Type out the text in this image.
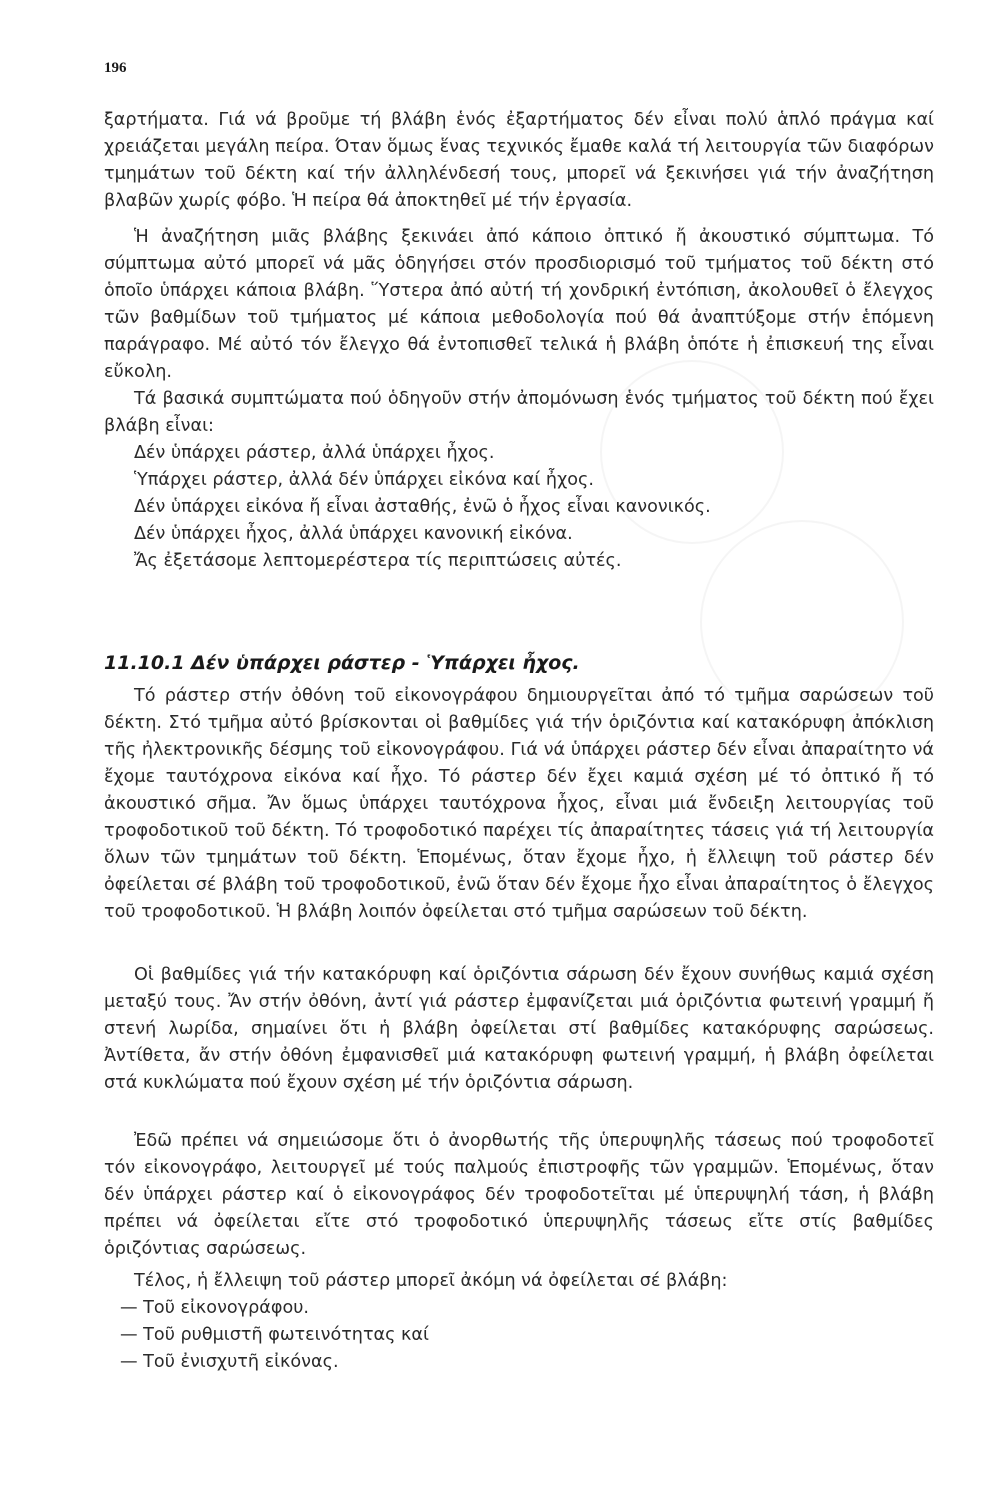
196

ξαρτήματα. Γιά νά βροῦμε τή βλάβη ἑνός ἐξαρτήματος δέν εἶναι πολύ ἁπλό πράγμα καί χρειάζεται μεγάλη πείρα. Όταν ὅμως ἕνας τεχνικός ἔμαθε καλά τή λειτουργία τῶν διαφόρων τμημάτων τοῦ δέκτη καί τήν ἀλληλένδεσή τους, μπορεῖ νά ξεκινήσει γιά τήν ἀναζήτηση βλαβῶν χωρίς φόβο. Ἡ πείρα θά ἀποκτηθεῖ μέ τήν ἐργασία.

Ἡ ἀναζήτηση μιᾶς βλάβης ξεκινάει ἀπό κάποιο ὀπτικό ἤ ἀκουστικό σύμπτωμα. Τό σύμπτωμα αὐτό μπορεῖ νά μᾶς ὁδηγήσει στόν προσδιορισμό τοῦ τμήματος τοῦ δέκτη στό ὁποῖο ὑπάρχει κάποια βλάβη. Ὕστερα ἀπό αὐτή τή χονδρική ἐντόπιση, ἀκολουθεῖ ὁ ἔλεγχος τῶν βαθμίδων τοῦ τμήματος μέ κάποια μεθοδολογία πού θά ἀναπτύξομε στήν ἑπόμενη παράγραφο. Μέ αὐτό τόν ἔλεγχο θά ἐντοπισθεῖ τελικά ἡ βλάβη ὁπότε ἡ ἐπισκευή της εἶναι εὔκολη.

Τά βασικά συμπτώματα πού ὁδηγοῦν στήν ἀπομόνωση ἑνός τμήματος τοῦ δέκτη πού ἔχει βλάβη εἶναι:

Δέν ὑπάρχει ράστερ, ἀλλά ὑπάρχει ἦχος.

Ὑπάρχει ράστερ, ἀλλά δέν ὑπάρχει εἰκόνα καί ἦχος.

Δέν ὑπάρχει εἰκόνα ἤ εἶναι ἀσταθής, ἐνῶ ὁ ἦχος εἶναι κανονικός.

Δέν ὑπάρχει ἦχος, ἀλλά ὑπάρχει κανονική εἰκόνα.

Ἄς ἐξετάσομε λεπτομερέστερα τίς περιπτώσεις αὐτές.

11.10.1 Δέν ὑπάρχει ράστερ - Ὑπάρχει ἦχος.

Τό ράστερ στήν ὀθόνη τοῦ εἰκονογράφου δημιουργεῖται ἀπό τό τμῆμα σαρώσεων τοῦ δέκτη. Στό τμῆμα αὐτό βρίσκονται οἱ βαθμίδες γιά τήν ὁριζόντια καί κατακόρυφη ἀπόκλιση τῆς ἠλεκτρονικῆς δέσμης τοῦ εἰκονογράφου. Γιά νά ὑπάρχει ράστερ δέν εἶναι ἀπαραίτητο νά ἔχομε ταυτόχρονα εἰκόνα καί ἦχο. Τό ράστερ δέν ἔχει καμιά σχέση μέ τό ὀπτικό ἤ τό ἀκουστικό σῆμα. Ἄν ὅμως ὑπάρχει ταυτόχρονα ἦχος, εἶναι μιά ἔνδειξη λειτουργίας τοῦ τροφοδοτικοῦ τοῦ δέκτη. Τό τροφοδοτικό παρέχει τίς ἀπαραίτητες τάσεις γιά τή λειτουργία ὅλων τῶν τμημάτων τοῦ δέκτη. Ἑπομένως, ὅταν ἔχομε ἦχο, ἡ ἔλλειψη τοῦ ράστερ δέν ὀφείλεται σέ βλάβη τοῦ τροφοδοτικοῦ, ἐνῶ ὅταν δέν ἔχομε ἦχο εἶναι ἀπαραίτητος ὁ ἔλεγχος τοῦ τροφοδοτικοῦ. Ἡ βλάβη λοιπόν ὀφείλεται στό τμῆμα σαρώσεων τοῦ δέκτη.

Οἱ βαθμίδες γιά τήν κατακόρυφη καί ὁριζόντια σάρωση δέν ἔχουν συνήθως καμιά σχέση μεταξύ τους. Ἄν στήν ὀθόνη, ἀντί γιά ράστερ ἐμφανίζεται μιά ὁριζόντια φωτεινή γραμμή ἤ στενή λωρίδα, σημαίνει ὅτι ἡ βλάβη ὀφείλεται στί βαθμίδες κατακόρυφης σαρώσεως. Ἀντίθετα, ἄν στήν ὀθόνη ἐμφανισθεῖ μιά κατακόρυφη φωτεινή γραμμή, ἡ βλάβη ὀφείλεται στά κυκλώματα πού ἔχουν σχέση μέ τήν ὁριζόντια σάρωση.

Ἐδῶ πρέπει νά σημειώσομε ὅτι ὁ ἀνορθωτής τῆς ὑπερυψηλῆς τάσεως πού τροφοδοτεῖ τόν εἰκονογράφο, λειτουργεῖ μέ τούς παλμούς ἐπιστροφῆς τῶν γραμμῶν. Ἑπομένως, ὅταν δέν ὑπάρχει ράστερ καί ὁ εἰκονογράφος δέν τροφοδοτεῖται μέ ὑπερυψηλή τάση, ἡ βλάβη πρέπει νά ὀφείλεται εἴτε στό τροφοδοτικό ὑπερυψηλῆς τάσεως εἴτε στίς βαθμίδες ὁριζόντιας σαρώσεως.

Τέλος, ἡ ἔλλειψη τοῦ ράστερ μπορεῖ ἀκόμη νά ὀφείλεται σέ βλάβη:

— Τοῦ εἰκονογράφου.

— Τοῦ ρυθμιστῆ φωτεινότητας καί

— Τοῦ ἐνισχυτῆ εἰκόνας.
